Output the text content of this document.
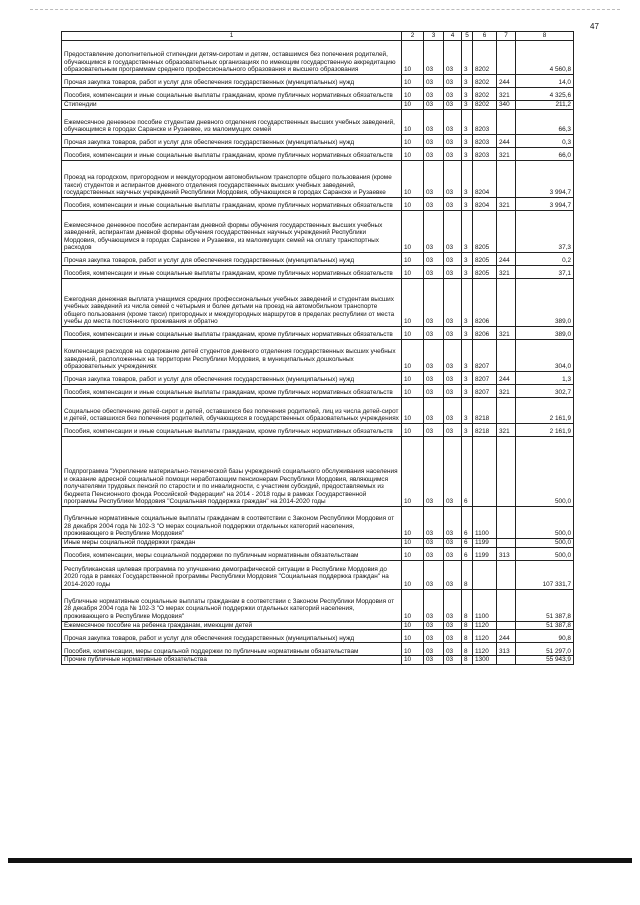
47
1	2	3	4	5	6	7	8
Предоставление дополнительной стипендии детям-сиротам и детям, оставшимся без попечения родителей, обучающимся в государственных образовательных организациях по имеющим государственную аккредитацию образовательным программам среднего профессионального образования и высшего образования	10	03	03	3	8202		4 560,8
Прочая закупка товаров, работ и услуг для обеспечения государственных (муниципальных) нужд	10	03	03	3	8202	244	14,0
Пособия, компенсации и иные социальные выплаты гражданам, кроме публичных нормативных обязательств	10	03	03	3	8202	321	4 325,6
Стипендии	10	03	03	3	8202	340	211,2
Ежемесячное денежное пособие студентам дневного отделения государственных высших учебных заведений, обучающимся в городах Саранске и Рузаевке, из малоимущих семей	10	03	03	3	8203		66,3
Прочая закупка товаров, работ и услуг для обеспечения государственных (муниципальных) нужд	10	03	03	3	8203	244	0,3
Пособия, компенсации и иные социальные выплаты гражданам, кроме публичных нормативных обязательств	10	03	03	3	8203	321	66,0
Проезд на городском, пригородном и междугородном автомобильном транспорте общего пользования (кроме такси) студентов и аспирантов дневного отделения государственных высших учебных заведений, государственных научных учреждений Республики Мордовия, обучающихся в городах Саранске и Рузаевке	10	03	03	3	8204		3 994,7
Пособия, компенсации и иные социальные выплаты гражданам, кроме публичных нормативных обязательств	10	03	03	3	8204	321	3 994,7
Ежемесячное денежное пособие аспирантам дневной формы обучения государственных высших учебных заведений, аспирантам дневной формы обучения государственных научных учреждений Республики Мордовия, обучающимся в городах Саранске и Рузаевке, из малоимущих семей на оплату транспортных расходов	10	03	03	3	8205		37,3
Прочая закупка товаров, работ и услуг для обеспечения государственных (муниципальных) нужд	10	03	03	3	8205	244	0,2
Пособия, компенсации и иные социальные выплаты гражданам, кроме публичных нормативных обязательств	10	03	03	3	8205	321	37,1
Ежегодная денежная выплата учащимся средних профессиональных учебных заведений и студентам высших учебных заведений из числа семей с четырьмя и более детьми на проезд на автомобильном транспорте общего пользования (кроме такси) пригородных и междугородных маршрутов в пределах республики от места учебы до места постоянного проживания и обратно	10	03	03	3	8206		389,0
Пособия, компенсации и иные социальные выплаты гражданам, кроме публичных нормативных обязательств	10	03	03	3	8206	321	389,0
Компенсация расходов на содержание детей студентов дневного отделения государственных высших учебных заведений, расположенных на территории Республики Мордовия, в муниципальных дошкольных образовательных учреждениях	10	03	03	3	8207		304,0
Прочая закупка товаров, работ и услуг для обеспечения государственных (муниципальных) нужд	10	03	03	3	8207	244	1,3
Пособия, компенсации и иные социальные выплаты гражданам, кроме публичных нормативных обязательств	10	03	03	3	8207	321	302,7
Социальное обеспечение детей-сирот и детей, оставшихся без попечения родителей, лиц из числа детей-сирот и детей, оставшихся без попечения родителей, обучающихся в государственных образовательных учреждениях	10	03	03	3	8218		2 161,9
Пособия, компенсации и иные социальные выплаты гражданам, кроме публичных нормативных обязательств	10	03	03	3	8218	321	2 161,9
Подпрограмма "Укрепление материально-технической базы учреждений социального обслуживания населения и оказание адресной социальной помощи неработающим пенсионерам Республики Мордовия, являющимся получателями трудовых пенсий по старости и по инвалидности, с участием субсидий, предоставляемых из бюджета Пенсионного фонда Российской Федерации" на 2014 - 2018 годы в рамках Государственной программы Республики Мордовия "Социальная поддержка граждан" на 2014-2020 годы	10	03	03	6			500,0
Публичные нормативные социальные выплаты гражданам в соответствии с Законом Республики Мордовия от 28 декабря 2004 года № 102-З "О мерах социальной поддержки отдельных категорий населения, проживающего в Республике Мордовия"	10	03	03	6	1100		500,0
Иные меры социальной поддержки граждан	10	03	03	6	1199		500,0
Пособия, компенсации, меры социальной поддержки по публичным нормативным обязательствам	10	03	03	6	1199	313	500,0
Республиканская целевая программа по улучшению демографической ситуации в Республике Мордовия до 2020 года в рамках Государственной программы Республики Мордовия "Социальная поддержка граждан" на 2014-2020 годы	10	03	03	8			107 331,7
Публичные нормативные социальные выплаты гражданам в соответствии с Законом Республики Мордовия от 28 декабря 2004 года № 102-З "О мерах социальной поддержки отдельных категорий населения, проживающего в Республике Мордовия"	10	03	03	8	1100		51 387,8
Ежемесячное пособие на ребенка гражданам, имеющим детей	10	03	03	8	1120		51 387,8
Прочая закупка товаров, работ и услуг для обеспечения государственных (муниципальных) нужд	10	03	03	8	1120	244	90,8
Пособия, компенсации, меры социальной поддержки по публичным нормативным обязательствам	10	03	03	8	1120	313	51 297,0
Прочие публичные нормативные обязательства	10	03	03	8	1300		55 943,9
